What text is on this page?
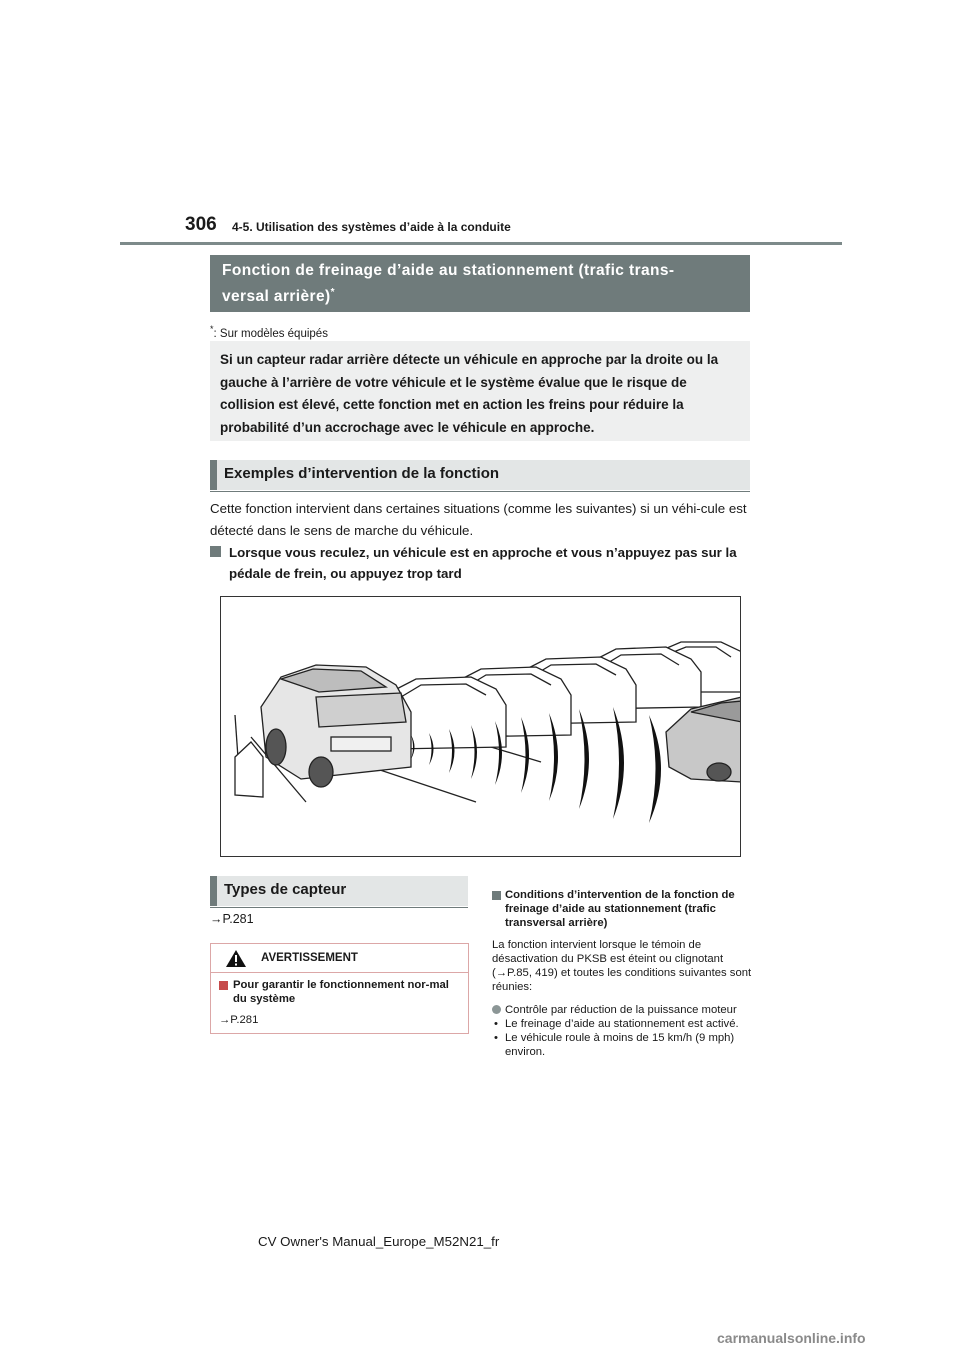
306 4-5. Utilisation des systèmes d’aide à la conduite
Fonction de freinage d’aide au stationnement (trafic trans-
versal arrière)*
*: Sur modèles équipés
Si un capteur radar arrière détecte un véhicule en approche par la droite ou la gauche à l’arrière de votre véhicule et le système évalue que le risque de collision est élevé, cette fonction met en action les freins pour réduire la probabilité d’un accrochage avec le véhicule en approche.
Exemples d’intervention de la fonction
Cette fonction intervient dans certaines situations (comme les suivantes) si un véhi-cule est détecté dans le sens de marche du véhicule.
Lorsque vous reculez, un véhicule est en approche et vous n’appuyez pas sur la pédale de frein, ou appuyez trop tard
Types de capteur
→P.281
AVERTISSEMENT
Pour garantir le fonctionnement nor-mal du système
→P.281
Conditions d’intervention de la fonction de freinage d’aide au stationnement (trafic transversal arrière)
La fonction intervient lorsque le témoin de désactivation du PKSB est éteint ou clignotant (→P.85, 419) et toutes les conditions suivantes sont réunies:
Contrôle par réduction de la puissance moteur
• Le freinage d’aide au stationnement est activé.
• Le véhicule roule à moins de 15 km/h (9 mph) environ.
CV Owner's Manual_Europe_M52N21_fr
carmanualsonline.info
